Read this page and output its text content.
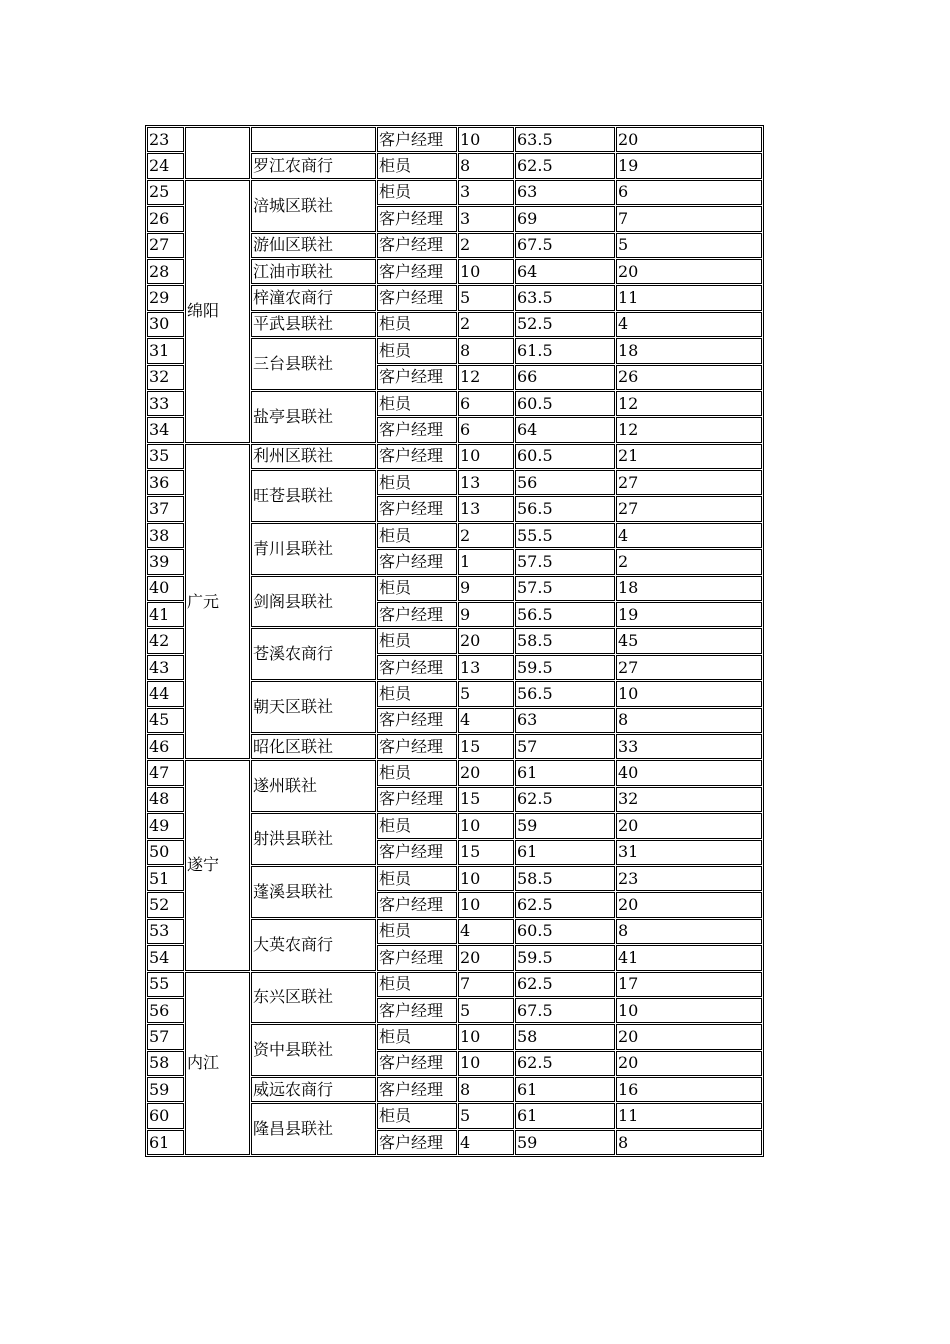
23			客户经理	10	63.5	20
24		罗江农商行	柜员	8	62.5	19
25	绵阳	涪城区联社	柜员	3	63	6
26			客户经理	3	69	7
27		游仙区联社	客户经理	2	67.5	5
28		江油市联社	客户经理	10	64	20
29		梓潼农商行	客户经理	5	63.5	11
30		平武县联社	柜员	2	52.5	4
31		三台县联社	柜员	8	61.5	18
32			客户经理	12	66	26
33		盐亭县联社	柜员	6	60.5	12
34			客户经理	6	64	12
35	广元	利州区联社	客户经理	10	60.5	21
36		旺苍县联社	柜员	13	56	27
37			客户经理	13	56.5	27
38		青川县联社	柜员	2	55.5	4
39			客户经理	1	57.5	2
40		剑阁县联社	柜员	9	57.5	18
41			客户经理	9	56.5	19
42		苍溪农商行	柜员	20	58.5	45
43			客户经理	13	59.5	27
44		朝天区联社	柜员	5	56.5	10
45			客户经理	4	63	8
46		昭化区联社	客户经理	15	57	33
47	遂宁	遂州联社	柜员	20	61	40
48			客户经理	15	62.5	32
49		射洪县联社	柜员	10	59	20
50			客户经理	15	61	31
51		蓬溪县联社	柜员	10	58.5	23
52			客户经理	10	62.5	20
53		大英农商行	柜员	4	60.5	8
54			客户经理	20	59.5	41
55	内江	东兴区联社	柜员	7	62.5	17
56			客户经理	5	67.5	10
57		资中县联社	柜员	10	58	20
58			客户经理	10	62.5	20
59		威远农商行	客户经理	8	61	16
60		隆昌县联社	柜员	5	61	11
61			客户经理	4	59	8
